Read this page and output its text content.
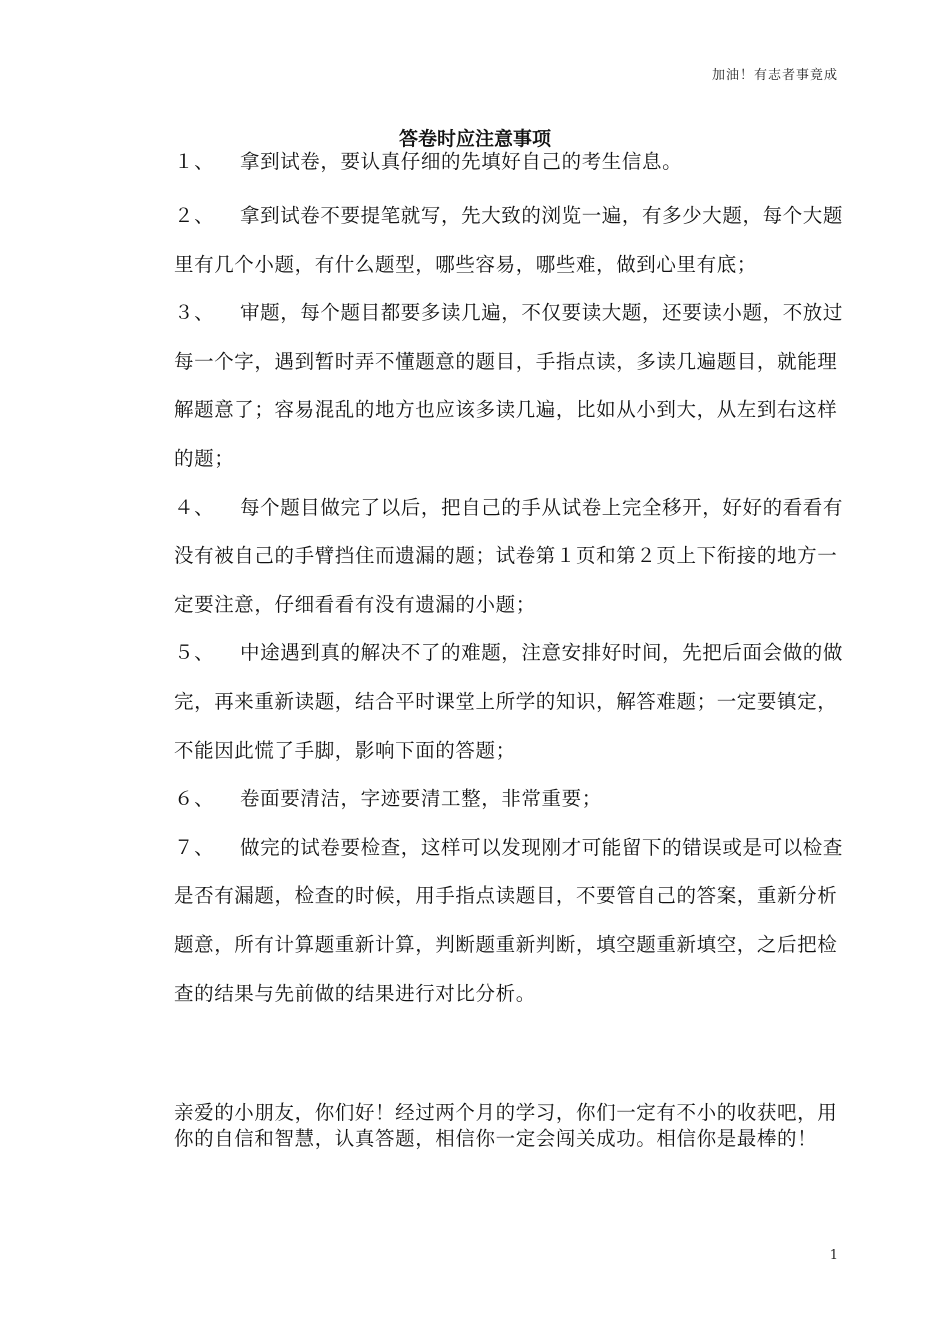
加油！有志者事竟成
答卷时应注意事项
１、 拿到试卷，要认真仔细的先填好自己的考生信息。
２、 拿到试卷不要提笔就写，先大致的浏览一遍，有多少大题，每个大题里有几个小题，有什么题型，哪些容易，哪些难，做到心里有底；
３、 审题，每个题目都要多读几遍，不仅要读大题，还要读小题，不放过每一个字，遇到暂时弄不懂题意的题目，手指点读，多读几遍题目，就能理解题意了；容易混乱的地方也应该多读几遍，比如从小到大，从左到右这样的题；
４、 每个题目做完了以后，把自己的手从试卷上完全移开，好好的看看有没有被自己的手臂挡住而遗漏的题；试卷第１页和第２页上下衔接的地方一定要注意，仔细看看有没有遗漏的小题；
５、 中途遇到真的解决不了的难题，注意安排好时间，先把后面会做的做完，再来重新读题，结合平时课堂上所学的知识，解答难题；一定要镇定，不能因此慌了手脚，影响下面的答题；
６、 卷面要清洁，字迹要清工整，非常重要；
７、 做完的试卷要检查，这样可以发现刚才可能留下的错误或是可以检查是否有漏题，检查的时候，用手指点读题目，不要管自己的答案，重新分析题意，所有计算题重新计算，判断题重新判断，填空题重新填空，之后把检查的结果与先前做的结果进行对比分析。
亲爱的小朋友，你们好！经过两个月的学习，你们一定有不小的收获吧，用你的自信和智慧，认真答题，相信你一定会闯关成功。相信你是最棒的！
1
